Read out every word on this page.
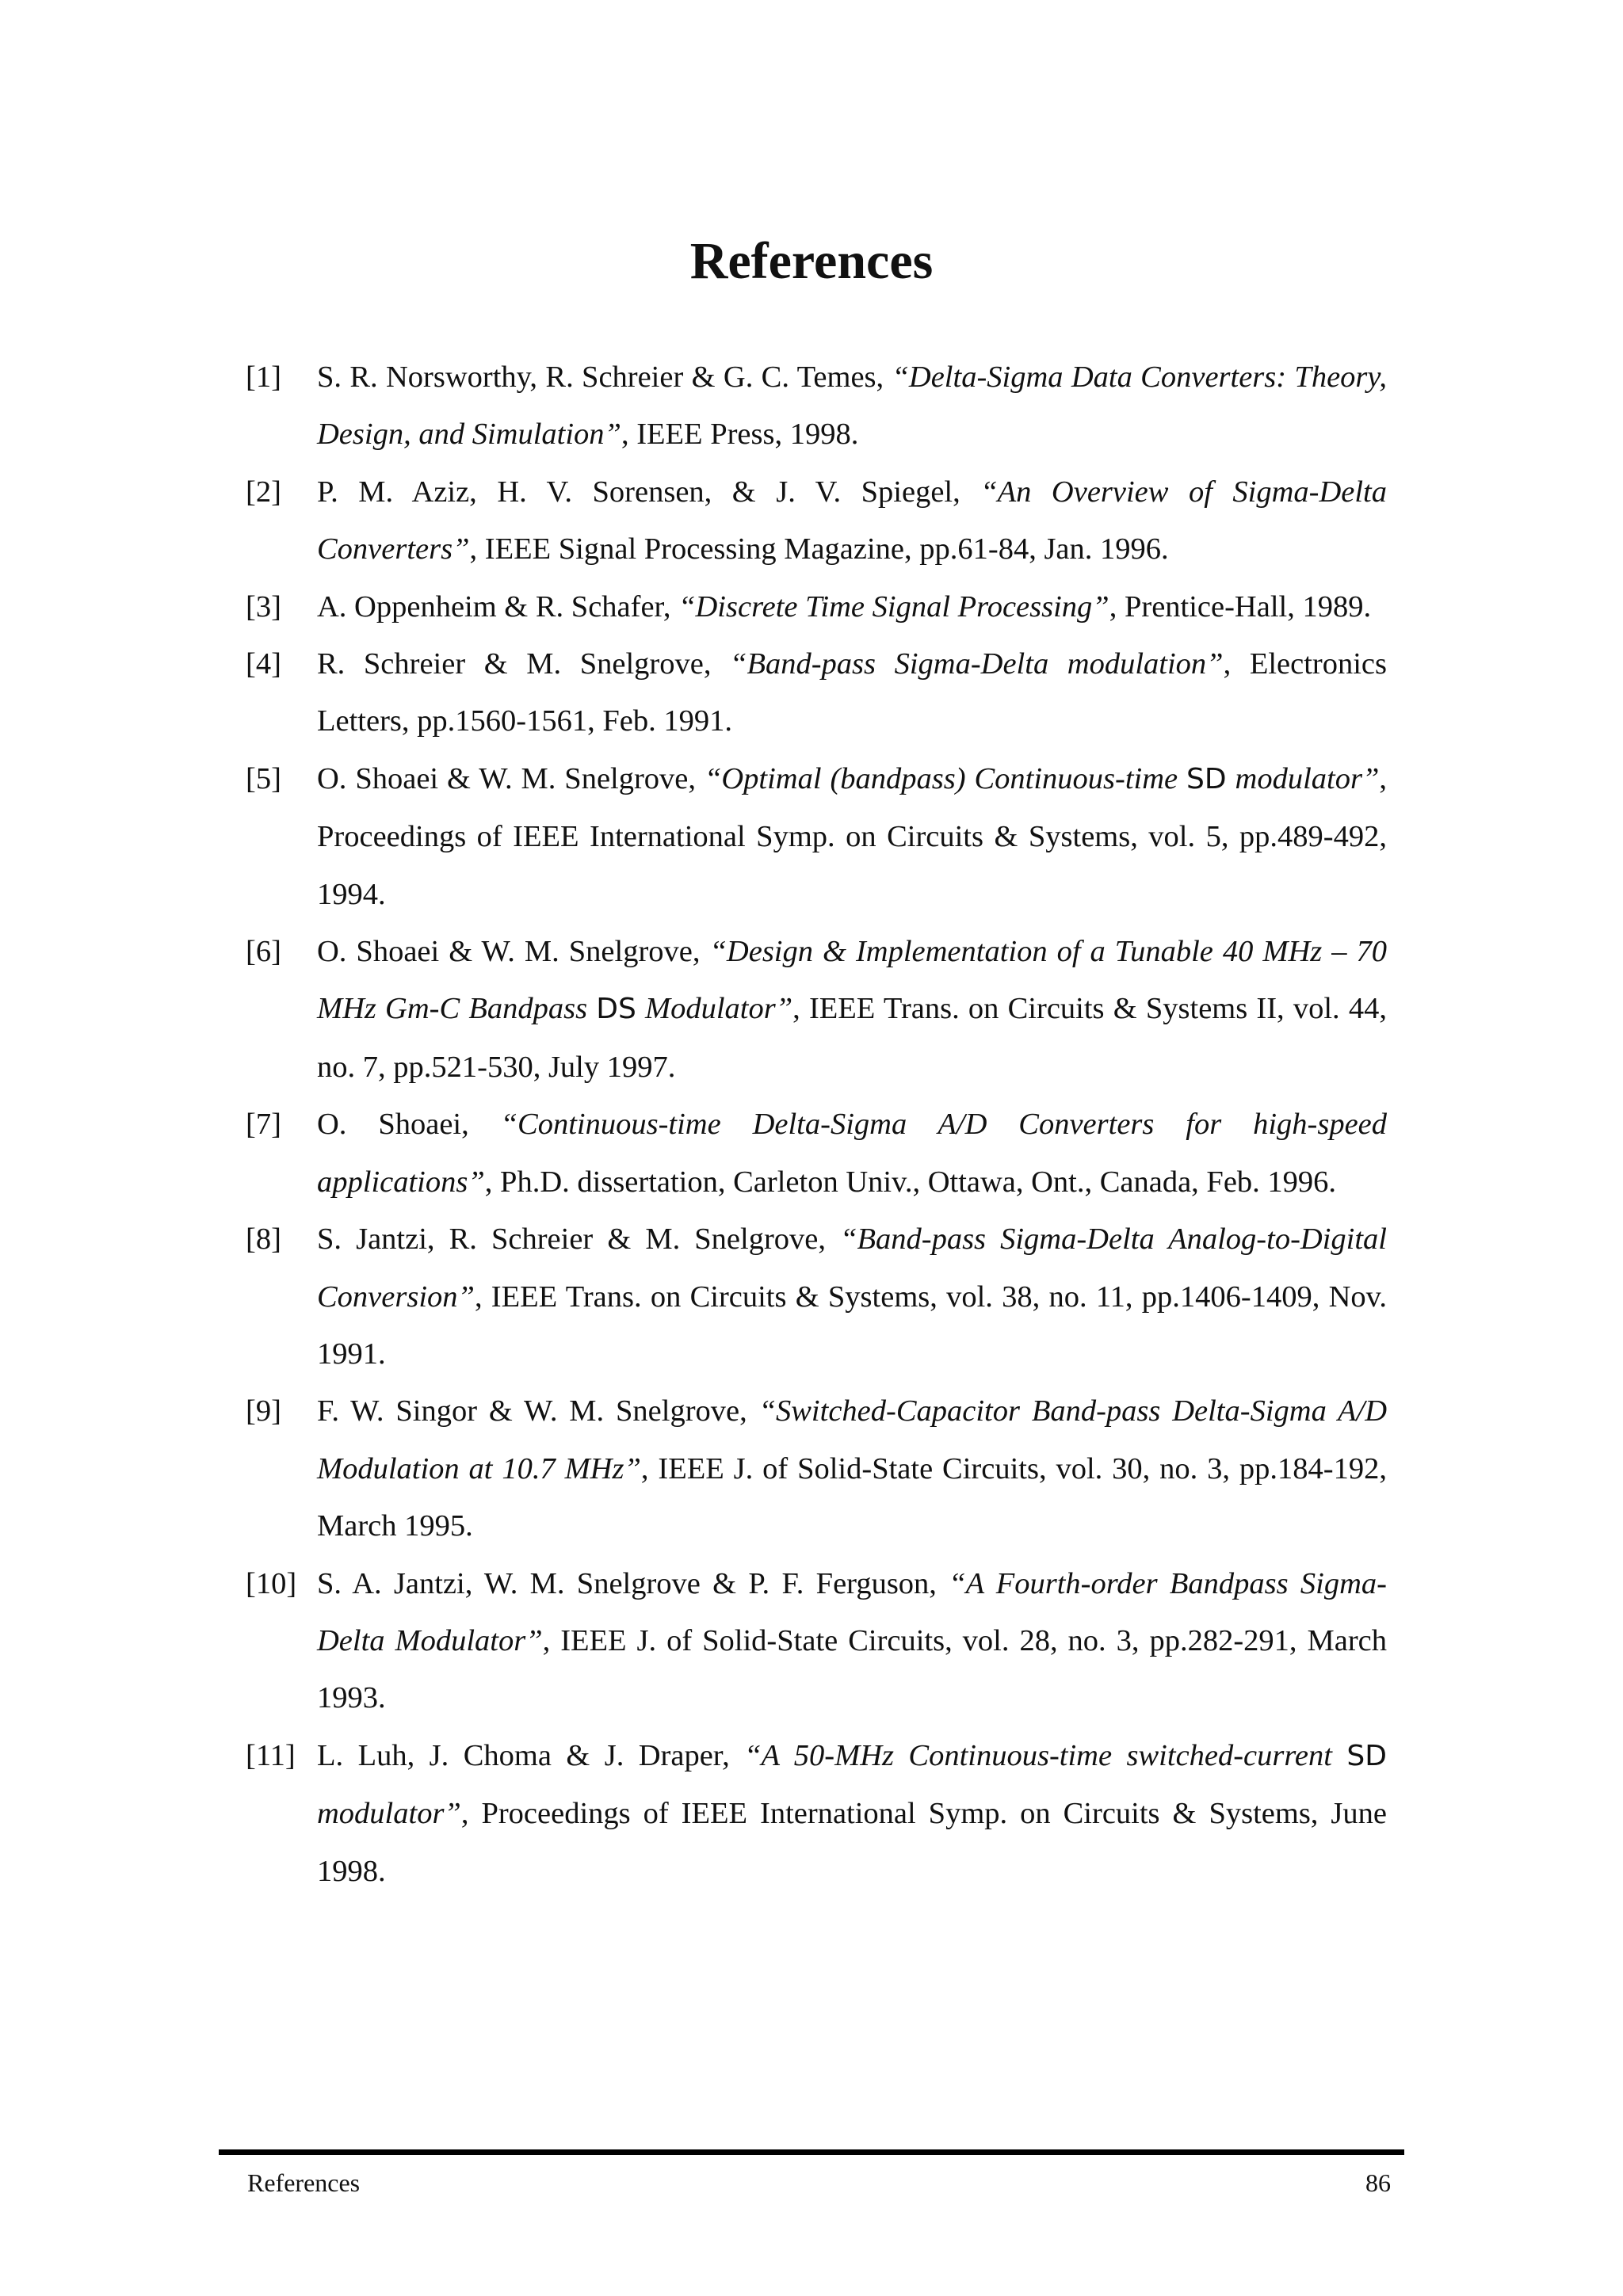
References
[1] S. R. Norsworthy, R. Schreier & G. C. Temes, “Delta-Sigma Data Converters: Theory, Design, and Simulation”, IEEE Press, 1998.
[2] P. M. Aziz, H. V. Sorensen, & J. V. Spiegel, “An Overview of Sigma-Delta Converters”, IEEE Signal Processing Magazine, pp.61-84, Jan. 1996.
[3] A. Oppenheim & R. Schafer, “Discrete Time Signal Processing”, Prentice-Hall, 1989.
[4] R. Schreier & M. Snelgrove, “Band-pass Sigma-Delta modulation”, Electronics Letters, pp.1560-1561, Feb. 1991.
[5] O. Shoaei & W. M. Snelgrove, “Optimal (bandpass) Continuous-time SD modulator”, Proceedings of IEEE International Symp. on Circuits & Systems, vol. 5, pp.489-492, 1994.
[6] O. Shoaei & W. M. Snelgrove, “Design & Implementation of a Tunable 40 MHz – 70 MHz Gm-C Bandpass DS Modulator”, IEEE Trans. on Circuits & Systems II, vol. 44, no. 7, pp.521-530, July 1997.
[7] O. Shoaei, “Continuous-time Delta-Sigma A/D Converters for high-speed applications”, Ph.D. dissertation, Carleton Univ., Ottawa, Ont., Canada, Feb. 1996.
[8] S. Jantzi, R. Schreier & M. Snelgrove, “Band-pass Sigma-Delta Analog-to-Digital Conversion”, IEEE Trans. on Circuits & Systems, vol. 38, no. 11, pp.1406-1409, Nov. 1991.
[9] F. W. Singor & W. M. Snelgrove, “Switched-Capacitor Band-pass Delta-Sigma A/D Modulation at 10.7 MHz”, IEEE J. of Solid-State Circuits, vol. 30, no. 3, pp.184-192, March 1995.
[10] S. A. Jantzi, W. M. Snelgrove & P. F. Ferguson, “A Fourth-order Bandpass Sigma-Delta Modulator”, IEEE J. of Solid-State Circuits, vol. 28, no. 3, pp.282-291, March 1993.
[11] L. Luh, J. Choma & J. Draper, “A 50-MHz Continuous-time switched-current SD modulator”, Proceedings of IEEE International Symp. on Circuits & Systems, June 1998.
References	86
